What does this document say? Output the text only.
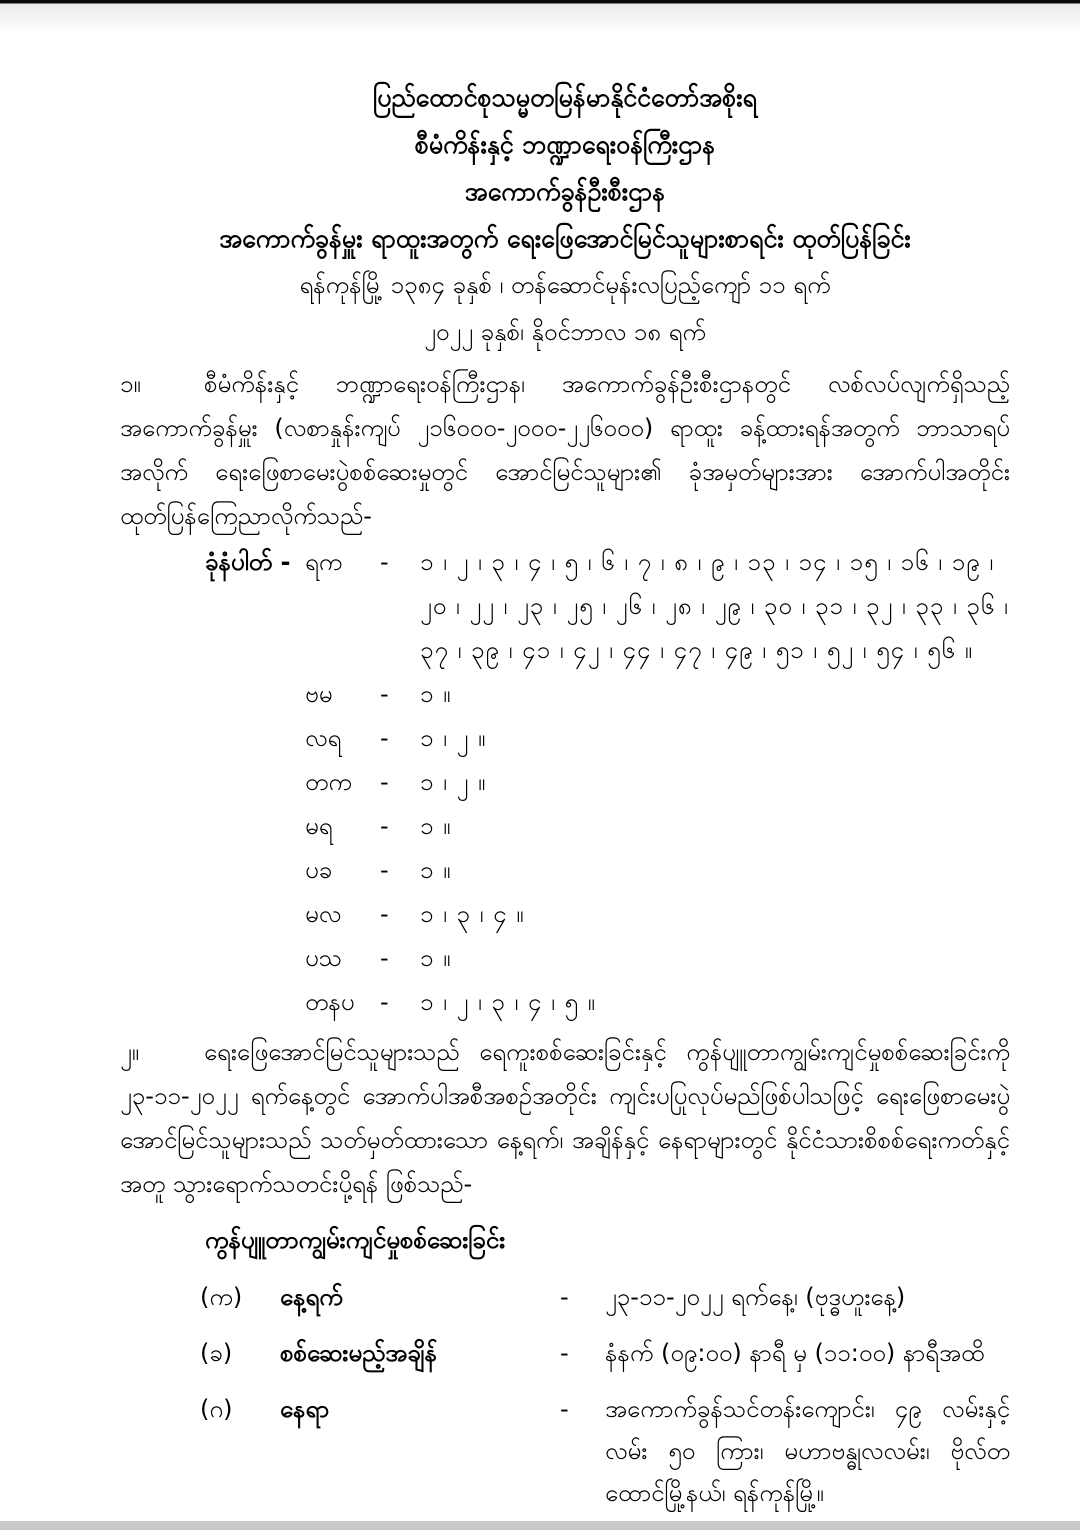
ပြည်ထောင်စုသမ္မတမြန်မာနိုင်ငံတော်အစိုးရ
စီမံကိန်းနှင့် ဘဏ္ဍာရေးဝန်ကြီးဌာန
အကောက်ခွန်ဦးစီးဌာန
အကောက်ခွန်မှူး ရာထူးအတွက် ရေးဖြေအောင်မြင်သူများစာရင်း ထုတ်ပြန်ခြင်း
ရန်ကုန်မြို့ ၁၃၈၄ ခုနှစ် ၊ တန်ဆောင်မုန်းလပြည့်ကျော် ၁၁ ရက်
၂၀၂၂ ခုနှစ်၊ နိုဝင်ဘာလ ၁၈ ရက်

၁။	စီမံကိန်းနှင့် ဘဏ္ဍာရေးဝန်ကြီးဌာန၊ အကောက်ခွန်ဦးစီးဌာနတွင် လစ်လပ်လျက်ရှိသည့် အကောက်ခွန်မှူး (လစာနှုန်းကျပ် ၂၁၆၀၀၀-၂၀၀၀-၂၂၆၀၀၀) ရာထူး ခန့်ထားရန်အတွက် ဘာသာရပ်အလိုက် ရေးဖြေစာမေးပွဲစစ်ဆေးမှုတွင် အောင်မြင်သူများ၏ ခုံအမှတ်များအား အောက်ပါအတိုင်း ထုတ်ပြန်ကြေညာလိုက်သည်-

ခုံနံပါတ် - ရက	-	၁ ၊ ၂ ၊ ၃ ၊ ၄ ၊ ၅ ၊ ၆ ၊ ၇ ၊ ၈ ၊ ၉ ၊ ၁၃ ၊ ၁၄ ၊ ၁၅ ၊ ၁၆ ၊ ၁၉ ၊ ၂၀ ၊ ၂၂ ၊ ၂၃ ၊ ၂၅ ၊ ၂၆ ၊ ၂၈ ၊ ၂၉ ၊ ၃၀ ၊ ၃၁ ၊ ၃၂ ၊ ၃၃ ၊ ၃၆ ၊ ၃၇ ၊ ၃၉ ၊ ၄၁ ၊ ၄၂ ၊ ၄၄ ၊ ၄၇ ၊ ၄၉ ၊ ၅၁ ၊ ၅၂ ၊ ၅၄ ၊ ၅၆ ။
ဗမ	-	၁ ။
လရ	-	၁ ၊ ၂ ။
တက	-	၁ ၊ ၂ ။
မရ	-	၁ ။
ပခ	-	၁ ။
မလ	-	၁ ၊ ၃ ၊ ၄ ။
ပသ	-	၁ ။
တနပ	-	၁ ၊ ၂ ၊ ၃ ၊ ၄ ၊ ၅ ။

၂။	ရေးဖြေအောင်မြင်သူများသည် ရေကူးစစ်ဆေးခြင်းနှင့် ကွန်ပျူတာကျွမ်းကျင်မှုစစ်ဆေးခြင်းကို ၂၃-၁၁-၂၀၂၂ ရက်နေ့တွင် အောက်ပါအစီအစဉ်အတိုင်း ကျင်းပပြုလုပ်မည်ဖြစ်ပါသဖြင့် ရေးဖြေစာမေးပွဲ အောင်မြင်သူများသည် သတ်မှတ်ထားသော နေ့ရက်၊ အချိန်နှင့် နေရာများတွင် နိုင်ငံသားစိစစ်ရေးကတ်နှင့်အတူ သွားရောက်သတင်းပို့ရန် ဖြစ်သည်-

ကွန်ပျူတာကျွမ်းကျင်မှုစစ်ဆေးခြင်း
(က)	နေ့ရက်	-	၂၃-၁၁-၂၀၂၂ ရက်နေ့၊ (ဗုဒ္ဓဟူးနေ့)
(ခ)	စစ်ဆေးမည့်အချိန်	-	နံနက် (၀၉:၀၀) နာရီ မှ (၁၁:၀၀) နာရီအထိ
(ဂ)	နေရာ	-	အကောက်ခွန်သင်တန်းကျောင်း၊ ၄၉ လမ်းနှင့် လမ်း ၅၀ ကြား၊ မဟာဗန္ဓုလလမ်း၊ ဗိုလ်တထောင်မြို့နယ်၊ ရန်ကုန်မြို့။
